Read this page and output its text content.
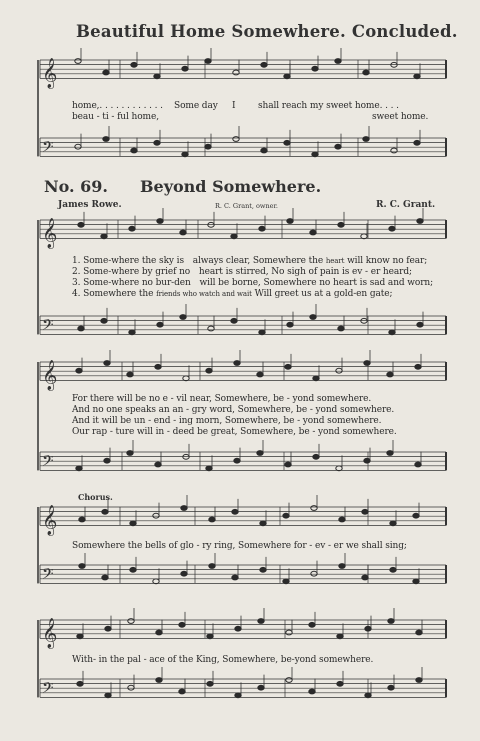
Beautiful Home Somewhere. Concluded.
No. 69. Beyond Somewhere.
James Rowe.	R. C. Grant, owner.	R. C. Grant.
Chorus.
𝄞
𝄢
𝄞
𝄢
𝄞
𝄢
𝄞
𝄢
𝄞
𝄢
home,. . . . . . . . . . . . Some day I	shall reach my sweet home. . . .
beau - ti - ful home,	sweet home.
1. Some-where the sky is always clear, Somewhere the heart will know no fear;
2. Some-where by grief no heart is stirred, No sigh of pain is ev - er heard;
3. Some-where no bur-den will be borne, Somewhere no heart is sad and worn;
4. Somewhere the friends who watch and wait Will greet us at a gold-en gate;
For there will be no e - vil near, Somewhere, be - yond somewhere.
And no one speaks an an - gry word, Somewhere, be - yond somewhere.
And it will be un - end - ing morn, Somewhere, be - yond somewhere.
Our rap - ture will in - deed be great, Somewhere, be - yond somewhere.
Somewhere the bells of glo - ry ring, Somewhere for - ev - er we shall sing;
With- in the pal - ace of the King, Somewhere, be-yond somewhere.
